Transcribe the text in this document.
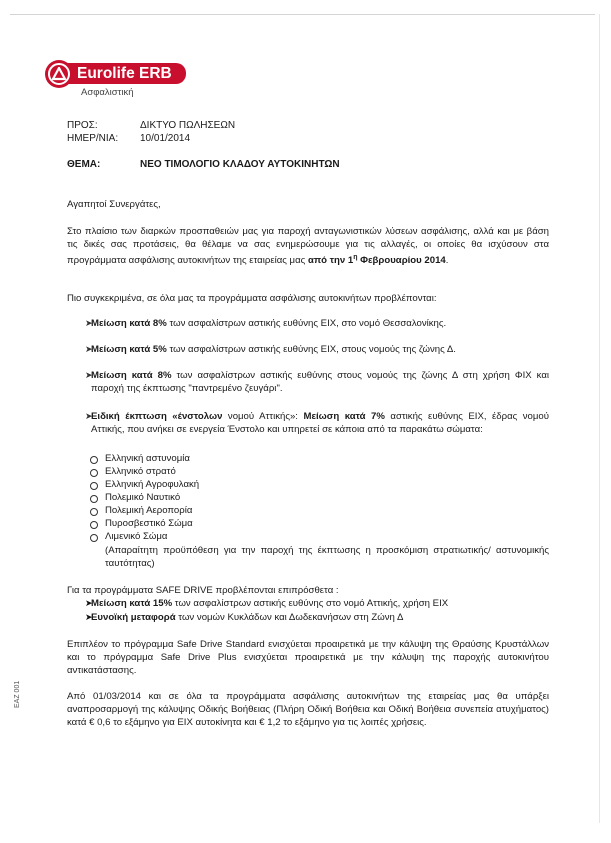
Eurolife ERB
Ασφαλιστική
ΠΡΟΣ:	ΔΙΚΤΥΟ ΠΩΛΗΣΕΩΝ
ΗΜΕΡ/ΝΙΑ: 10/01/2014
ΘΕΜΑ:	ΝΕΟ ΤΙΜΟΛΟΓΙΟ ΚΛΑΔΟΥ ΑΥΤΟΚΙΝΗΤΩΝ
Αγαπητοί Συνεργάτες,
Στο πλαίσιο των διαρκών προσπαθειών μας για παροχή ανταγωνιστικών λύσεων ασφάλισης, αλλά και με βάση τις δικές σας προτάσεις, θα θέλαμε να σας ενημερώσουμε για τις αλλαγές, οι οποίες θα ισχύσουν στα προγράμματα ασφάλισης αυτοκινήτων της εταιρείας μας από την $1^\eta$ Φεβρουαρίου 2014.
Πιο συγκεκριμένα, σε όλα μας τα προγράμματα ασφάλισης αυτοκινήτων προβλέπονται:
➤
Μείωση κατά 8% των ασφαλίστρων αστικής ευθύνης ΕΙΧ, στο νομό Θεσσαλονίκης.
➤
Μείωση κατά 5% των ασφαλίστρων αστικής ευθύνης ΕΙΧ, στους νομούς της ζώνης Δ.
➤
Μείωση κατά 8% των ασφαλίστρων αστικής ευθύνης στους νομούς της ζώνης Δ στη χρήση ΦΙΧ και παροχή της έκπτωσης "παντρεμένο ζευγάρι".
➤
Ειδική έκπτωση «ένστολων νομού Αττικής»: Μείωση κατά 7% αστικής ευθύνης ΕΙΧ, έδρας νομού Αττικής, που ανήκει σε ενεργεία Ένστολο και υπηρετεί σε κάποια από τα παρακάτω σώματα:
Ελληνική αστυνομία
Ελληνικό στρατό
Ελληνική Αγροφυλακή
Πολεμικό Ναυτικό
Πολεμική Αεροπορία
Πυροσβεστικό Σώμα
Λιμενικό Σώμα
(Απαραίτητη προϋπόθεση για την παροχή της έκπτωσης η προσκόμιση στρατιωτικής/ αστυνομικής ταυτότητας)
Για τα προγράμματα SAFE DRIVE προβλέπονται επιπρόσθετα :
➤
Μείωση κατά 15% των ασφαλίστρων αστικής ευθύνης στο νομό Αττικής, χρήση ΕΙΧ
➤
Ευνοϊκή μεταφορά των νομών Κυκλάδων και Δωδεκανήσων στη Ζώνη Δ
Επιπλέον το πρόγραμμα Safe Drive Standard ενισχύεται προαιρετικά με την κάλυψη της Θραύσης Κρυστάλλων και το πρόγραμμα Safe Drive Plus ενισχύεται προαιρετικά με την κάλυψη της παροχής αυτοκινήτου αντικατάστασης.
Από 01/03/2014 και σε όλα τα προγράμματα ασφάλισης αυτοκινήτων της εταιρείας μας θα υπάρξει αναπροσαρμογή της κάλυψης Οδικής Βοήθειας (Πλήρη Οδική Βοήθεια και Οδική Βοήθεια συνεπεία ατυχήματος) κατά € 0,6 το εξάμηνο για ΕΙΧ αυτοκίνητα και € 1,2 το εξάμηνο για τις λοιπές χρήσεις.
EAZ 001
